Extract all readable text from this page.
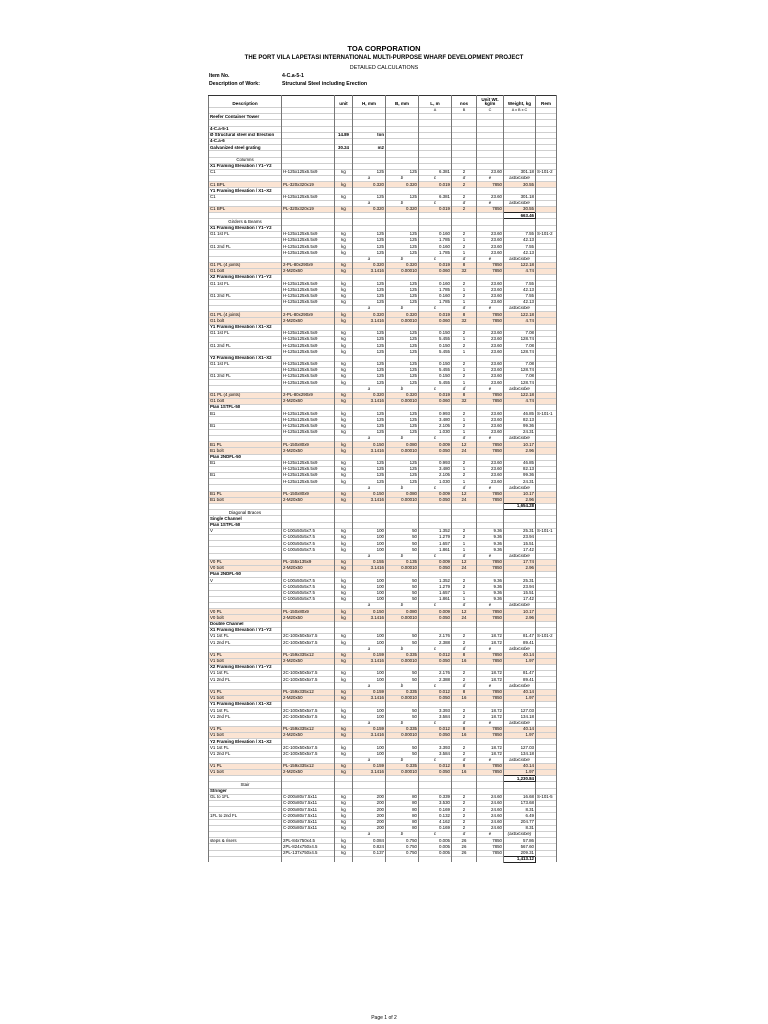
TOA CORPORATION
THE PORT VILA LAPETASI INTERNATIONAL MULTI-PURPOSE WHARF DEVELOPMENT PROJECT
DETAILED CALCULATIONS
Item No.	4-C.a-5-1
Description of Work:	Structural Steel including Erection
Description		unit	H, mm	B, mm	L, m	nos	Unit Wt. kg/m	Weight, kg	Rem
					A	B	C	A x B x C	
Reefer Container Tower									

4-C.a-5-1									
Ø Structural steel incl Erection		14.89	ton						
4-C.a-6									
Galvanized steel grating		30.24	m2						

Columns									
X1 Framing Elevation / Y1~Y2									
C1	H-125x125x6.5x9	kg	125	125	6.381	2	23.60	301.18	S-101-2
			a	b	c	d	e	axbxcxdxe	
C1 BPL	PL-320x320x19	kg	0.320	0.320	0.019	2	7850	30.55	
Y1 Framing Elevation / X1~X2									
C1	H-125x125x6.5x9	kg	125	125	6.381	2	23.60	301.18	
			a	b	c	d	e	axbxcxdxe	
C1 BPL	PL-320x320x19	kg	0.320	0.320	0.019	2	7850	30.55	
								663.46	
Girders & Beams									
X1 Framing Elevation / Y1~Y2									
G1 1st FL	H-125x125x6.5x9	kg	125	125	0.160	2	23.60	7.55	S-101-2
	H-125x125x6.5x9	kg	125	125	1.785	1	23.60	42.13	
G1 2nd FL	H-125x125x6.5x9	kg	125	125	0.160	2	23.60	7.55	
	H-125x125x6.5x9	kg	125	125	1.785	1	23.60	42.13	
			a	b	c	d	e	axbxcxdxe	
G1 PL (4 joints)	2-PL-80x290x9	kg	0.320	0.320	0.019	8	7850	122.18	
G1 bolt	2-M20x60	kg	3.1416	0.00010	0.060	32	7850	4.74	
X2 Framing Elevation / Y1~Y2									
G1 1st FL	H-125x125x6.5x9	kg	125	125	0.160	2	23.60	7.55	
	H-125x125x6.5x9	kg	125	125	1.785	1	23.60	42.13	
G1 2nd FL	H-125x125x6.5x9	kg	125	125	0.160	2	23.60	7.55	
	H-125x125x6.5x9	kg	125	125	1.785	1	23.60	42.13	
			a	b	c	d	e	axbxcxdxe	
G1 PL (4 joints)	2-PL-80x290x9	kg	0.320	0.320	0.019	8	7850	122.18	
G1 bolt	2-M20x60	kg	3.1416	0.00010	0.060	32	7850	4.74	
Y1 Framing Elevation / X1~X2									
G1 1st FL	H-125x125x6.5x9	kg	125	125	0.150	2	23.60	7.08	
	H-125x125x6.5x9	kg	125	125	5.455	1	23.60	128.74	
G1 2nd FL	H-125x125x6.5x9	kg	125	125	0.150	2	23.60	7.08	
	H-125x125x6.5x9	kg	125	125	5.455	1	23.60	128.74	
Y2 Framing Elevation / X1~X2									
G1 1st FL	H-125x125x6.5x9	kg	125	125	0.150	2	23.60	7.08	
	H-125x125x6.5x9	kg	125	125	5.455	1	23.60	128.74	
G1 2nd FL	H-125x125x6.5x9	kg	125	125	0.150	2	23.60	7.08	
	H-125x125x6.5x9	kg	125	125	5.455	1	23.60	128.74	
			a	b	c	d	e	axbxcxdxe	
G1 PL (4 joints)	2-PL-80x290x9	kg	0.320	0.320	0.019	8	7850	122.18	
G1 bolt	2-M20x60	kg	3.1416	0.00010	0.060	32	7850	4.74	
Plan 1STFL-50									
B1	H-125x125x6.5x9	kg	125	125	0.993	2	23.60	46.85	S-101-1
	H-125x125x6.5x9	kg	125	125	3.480	1	23.60	82.13	
B1	H-125x125x6.5x9	kg	125	125	2.105	2	23.60	99.36	
	H-125x125x6.5x9	kg	125	125	1.030	1	23.60	24.31	
			a	b	c	d	e	axbxcxdxe	
B1 PL	PL-150x80x9	kg	0.150	0.080	0.009	12	7850	10.17	
B1 bolt	2-M20x50	kg	3.1416	0.00010	0.050	24	7850	2.96	
Plan 2NDFL-50									
B1	H-125x125x6.5x9	kg	125	125	0.993	2	23.60	46.85	
	H-125x125x6.5x9	kg	125	125	3.480	1	23.60	82.13	
B1	H-125x125x6.5x9	kg	125	125	2.105	2	23.60	99.36	
	H-125x125x6.5x9	kg	125	125	1.030	1	23.60	24.31	
			a	b	c	d	e	axbxcxdxe	
B1 PL	PL-150x80x9	kg	0.150	0.080	0.009	12	7850	10.17	
B1 bolt	2-M20x50	kg	3.1416	0.00010	0.050	24	7850	2.96	
								1,654.28	
Diagonal Braces									
Single Channel									
Plan 1STFL-50									
V	C-100x50x5x7.5	kg	100	50	1.352	2	9.36	25.31	S-101-1
	C-100x50x5x7.5	kg	100	50	1.279	2	9.36	23.94	
	C-100x50x5x7.5	kg	100	50	1.657	1	9.36	15.51	
	C-100x50x5x7.5	kg	100	50	1.861	1	9.36	17.42	
			a	b	c	d	e	axbxcxdxe	
V0 PL	PL-155x135x9	kg	0.155	0.135	0.009	12	7850	17.74	
V0 bolt	2-M20x50	kg	3.1416	0.00010	0.050	24	7850	2.96	
Plan 2NDFL-50									
V	C-100x50x5x7.5	kg	100	50	1.352	2	9.36	25.31	
	C-100x50x5x7.5	kg	100	50	1.279	2	9.36	23.94	
	C-100x50x5x7.5	kg	100	50	1.657	1	9.36	15.51	
	C-100x50x5x7.5	kg	100	50	1.861	1	9.36	17.42	
			a	b	c	d	e	axbxcxdxe	
V0 PL	PL-150x80x9	kg	0.150	0.080	0.009	12	7850	10.17	
V0 bolt	2-M20x50	kg	3.1416	0.00010	0.050	24	7850	2.96	
Double Channel									
X1 Framing Elevation / Y1~Y2									
V1 1st FL	2C-100x50x5x7.5	kg	100	50	2.176	2	18.72	81.47	S-101-2
V1 2nd FL	2C-100x50x5x7.5	kg	100	50	2.388	2	18.72	89.41	
			a	b	c	d	e	axbxcxdxe	
V1 PL	PL-159x335x12	kg	0.159	0.335	0.012	8	7850	40.14	
V1 bolt	2-M20x50	kg	3.1416	0.00010	0.050	16	7850	1.97	
X2 Framing Elevation / Y1~Y2									
V1 1st FL	2C-100x50x5x7.5	kg	100	50	2.176	2	18.72	81.47	
V1 2nd FL	2C-100x50x5x7.5	kg	100	50	2.388	2	18.72	89.41	
			a	b	c	d	e	axbxcxdxe	
V1 PL	PL-159x335x12	kg	0.159	0.335	0.012	8	7850	40.14	
V1 bolt	2-M20x50	kg	3.1416	0.00010	0.050	16	7850	1.97	
Y1 Framing Elevation / X1~X2									
V1 1st FL	2C-100x50x5x7.5	kg	100	50	3.393	2	18.72	127.03	
V1 2nd FL	2C-100x50x5x7.5	kg	100	50	3.584	2	18.72	134.18	
			a	b	c	d	e	axbxcxdxe	
V1 PL	PL-159x335x12	kg	0.159	0.335	0.012	8	7850	40.14	
V1 bolt	2-M20x50	kg	3.1416	0.00010	0.050	16	7850	1.97	
Y2 Framing Elevation / X1~X2									
V1 1st FL	2C-100x50x5x7.5	kg	100	50	3.393	2	18.72	127.03	
V1 2nd FL	2C-100x50x5x7.5	kg	100	50	3.584	2	18.72	134.18	
			a	b	c	d	e	axbxcxdxe	
V1 PL	PL-159x335x12	kg	0.159	0.335	0.012	8	7850	40.14	
V1 bolt	2-M20x50	kg	3.1416	0.00010	0.050	16	7850	1.97	
								1,230.84	
Stair									
Stringer									
GL to 1FL	C-200x80x7.5x11	kg	200	80	0.339	2	24.60	16.68	S-101-5
	C-200x80x7.5x11	kg	200	80	3.530	2	24.60	173.68	
	C-200x80x7.5x11	kg	200	80	0.169	2	24.60	8.31	
1FL to 2nd FL	C-200x80x7.5x11	kg	200	80	0.132	2	24.60	6.49	
	C-200x80x7.5x11	kg	200	80	4.162	2	24.60	204.77	
	C-200x80x7.5x11	kg	200	80	0.169	2	24.60	8.31	
			a	b	c	d	e	(axbxcxdxe)	
steps & risers	2PL-84x750x4.5	kg	0.084	0.750	0.005	26	7850	57.86	
	2PL-824x750x4.5	kg	0.824	0.750	0.005	26	7850	567.60	
	2PL-137x750x4.5	kg	0.137	0.750	0.005	26	7850	209.31	
								1,413.12	
Page 1 of 2
